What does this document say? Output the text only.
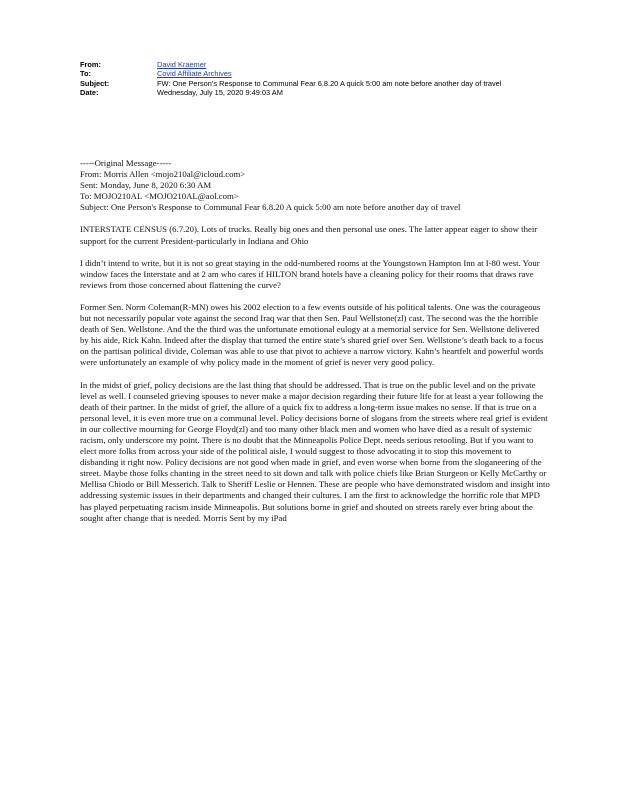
From:	David Kraemer
To:	Covid Affiliate Archives
Subject:	FW: One Person’s Response to Communal Fear 6.8.20 A quick 5:00 am note before another day of travel
Date:	Wednesday, July 15, 2020 9:49:03 AM
-----Original Message-----
From: Morris Allen <mojo210al@icloud.com>
Sent: Monday, June 8, 2020 6:30 AM
To: MOJO210AL <MOJO210AL@aol.com>
Subject: One Person's Response to Communal Fear 6.8.20 A quick 5:00 am note before another day of travel

INTERSTATE CENSUS (6.7.20). Lots of trucks. Really big ones and then personal use ones. The latter appear eager to show their support for the current President-particularly in Indiana and Ohio

I didn’t intend to write, but it is not so great staying in the odd-numbered rooms at the Youngstown Hampton Inn at I-80 west. Your window faces the Interstate and at 2 am who cares if HILTON brand hotels have a cleaning policy for their rooms that draws rave reviews from those concerned about flattening the curve?

Former Sen. Norm Coleman(R-MN) owes his 2002 election to a few events outside of his political talents. One was the courageous but not necessarily popular vote against the second Iraq war that then Sen. Paul Wellstone(zl) cast. The second was the the horrible death of Sen. Wellstone. And the the third was the unfortunate emotional eulogy at a memorial service for Sen. Wellstone delivered by his aide, Rick Kahn. Indeed after the display that turned the entire state’s shared grief over Sen. Wellstone’s death back to a focus on the partisan political divide, Coleman was able to use that pivot to achieve a narrow victory. Kahn’s heartfelt and powerful words were unfortunately an example of why policy made in the moment of grief is never very good policy.

In the midst of grief, policy decisions are the last thing that should be addressed. That is true on the public level and on the private level as well. I counseled grieving spouses to never make a major decision regarding their future life for at least a year following the death of their partner. In the midst of grief, the allure of a quick fix to address a long-term issue makes no sense. If that is true on a personal level, it is even more true on a communal level. Policy decisions borne of slogans from the streets where real grief is evident in our collective mourning for George Floyd(zl) and too many other black men and women who have died as a result of systemic racism, only underscore my point. There is no doubt that the Minneapolis Police Dept. needs serious retooling. But if you want to elect more folks from across your side of the political aisle, I would suggest to those advocating it to stop this movement to disbanding it right now. Policy decisions are not good when made in grief, and even worse when borne from the sloganeering of the street. Maybe those folks chanting in the street need to sit down and talk with police chiefs like Brian Sturgeon or Kelly McCarthy or Mellisa Chiodo or Bill Messerich. Talk to Sheriff Leslie or Hennen. These are people who have demonstrated wisdom and insight into addressing systemic issues in their departments and changed their cultures. I am the first to acknowledge the horrific role that MPD has played perpetuating racism inside Minneapolis. But solutions borne in grief and shouted on streets rarely ever bring about the sought after change that is needed. Morris Sent by my iPad
